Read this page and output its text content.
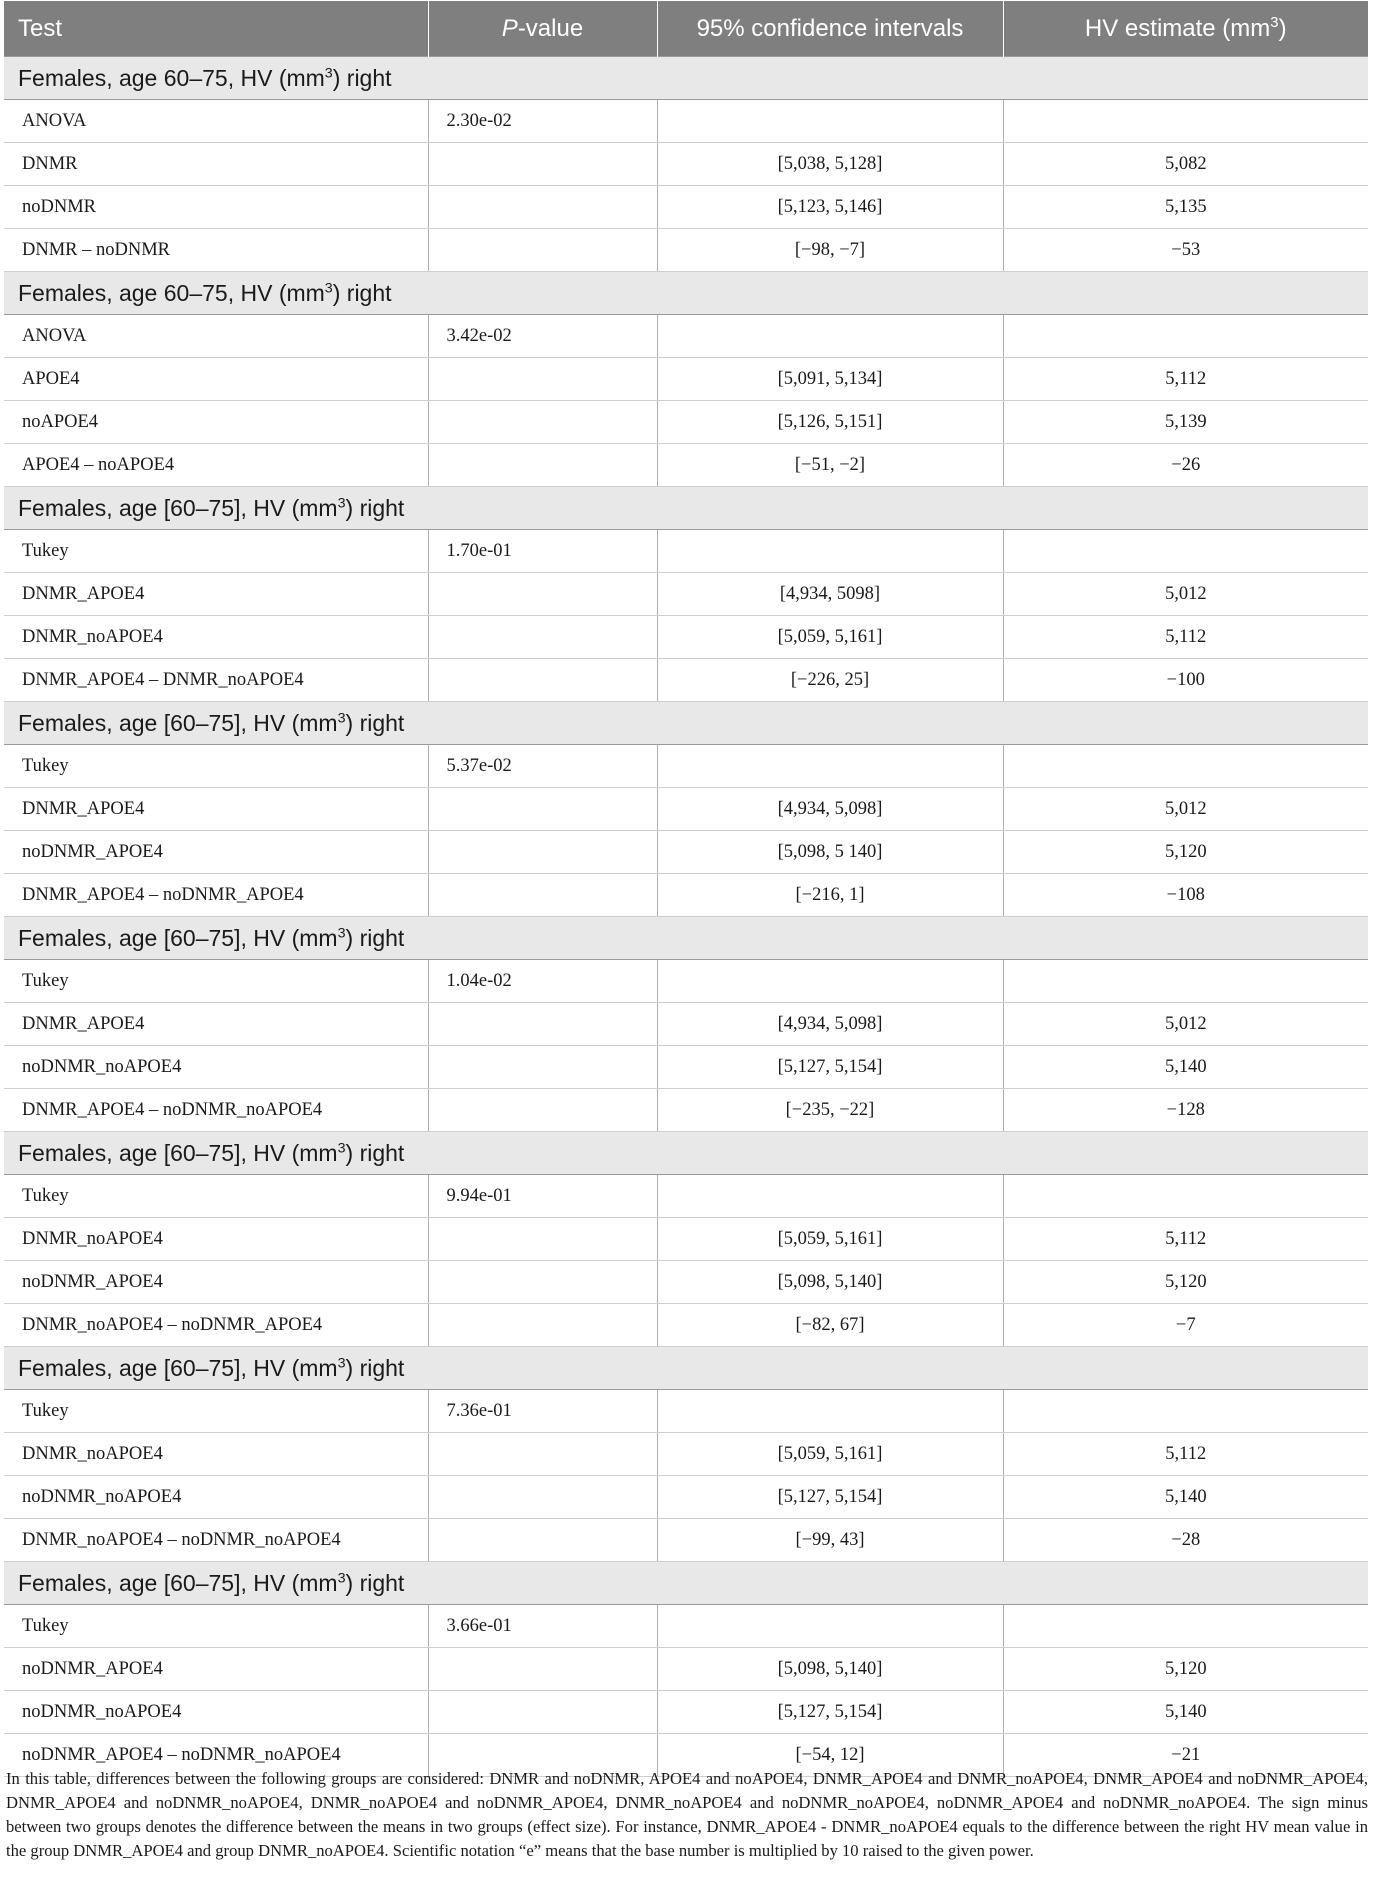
Test	P-value	95% confidence intervals	HV estimate $(mm^3)$
Females, age 60–75, HV $(mm^3)$ right			
ANOVA	2.30e-02		
DNMR		[5,038, 5,128]	5,082
noDNMR		[5,123, 5,146]	5,135
DNMR – noDNMR		[−98, −7]	−53
Females, age 60–75, HV $(mm^3)$ right			
ANOVA	3.42e-02		
APOE4		[5,091, 5,134]	5,112
noAPOE4		[5,126, 5,151]	5,139
APOE4 – noAPOE4		[−51, −2]	−26
Females, age [60–75], HV $(mm^3)$ right			
Tukey	1.70e-01		
DNMR_APOE4		[4,934, 5098]	5,012
DNMR_noAPOE4		[5,059, 5,161]	5,112
DNMR_APOE4 – DNMR_noAPOE4		[−226, 25]	−100
Females, age [60–75], HV $(mm^3)$ right			
Tukey	5.37e-02		
DNMR_APOE4		[4,934, 5,098]	5,012
noDNMR_APOE4		[5,098, 5 140]	5,120
DNMR_APOE4 – noDNMR_APOE4		[−216, 1]	−108
Females, age [60–75], HV $(mm^3)$ right			
Tukey	1.04e-02		
DNMR_APOE4		[4,934, 5,098]	5,012
noDNMR_noAPOE4		[5,127, 5,154]	5,140
DNMR_APOE4 – noDNMR_noAPOE4		[−235, −22]	−128
Females, age [60–75], HV $(mm^3)$ right			
Tukey	9.94e-01		
DNMR_noAPOE4		[5,059, 5,161]	5,112
noDNMR_APOE4		[5,098, 5,140]	5,120
DNMR_noAPOE4 – noDNMR_APOE4		[−82, 67]	−7
Females, age [60–75], HV $(mm^3)$ right			
Tukey	7.36e-01		
DNMR_noAPOE4		[5,059, 5,161]	5,112
noDNMR_noAPOE4		[5,127, 5,154]	5,140
DNMR_noAPOE4 – noDNMR_noAPOE4		[−99, 43]	−28
Females, age [60–75], HV $(mm^3)$ right			
Tukey	3.66e-01		
noDNMR_APOE4		[5,098, 5,140]	5,120
noDNMR_noAPOE4		[5,127, 5,154]	5,140
noDNMR_APOE4 – noDNMR_noAPOE4		[−54, 12]	−21

In this table, differences between the following groups are considered: DNMR and noDNMR, APOE4 and noAPOE4, DNMR_APOE4 and DNMR_noAPOE4, DNMR_APOE4 and noDNMR_APOE4, DNMR_APOE4 and noDNMR_noAPOE4, DNMR_noAPOE4 and noDNMR_APOE4, DNMR_noAPOE4 and noDNMR_noAPOE4, noDNMR_APOE4 and noDNMR_noAPOE4. The sign minus between two groups denotes the difference between the means in two groups (effect size). For instance, DNMR_APOE4 - DNMR_noAPOE4 equals to the difference between the right HV mean value in the group DNMR_APOE4 and group DNMR_noAPOE4. Scientific notation “e” means that the base number is multiplied by 10 raised to the given power.
